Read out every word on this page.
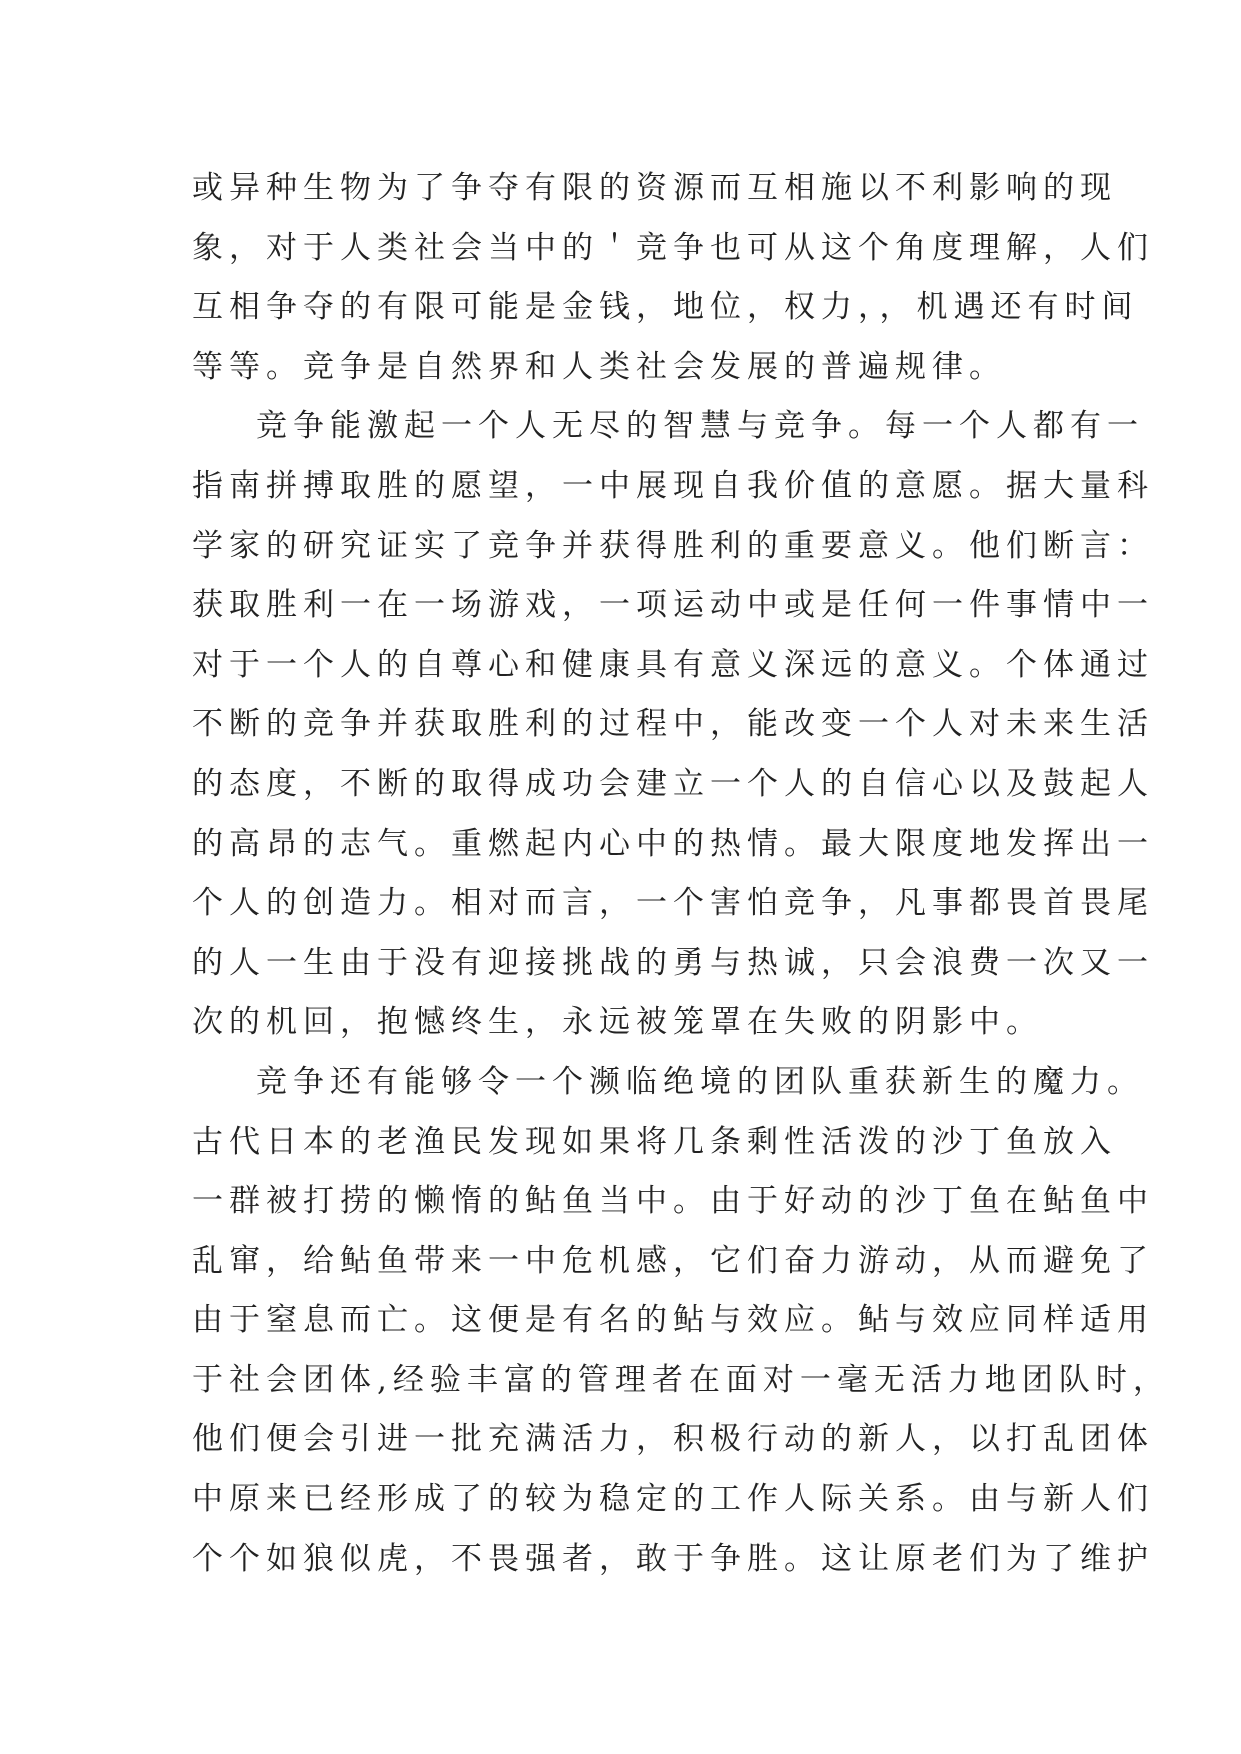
或异种生物为了争夺有限的资源而互相施以不利影响的现
象，对于人类社会当中的＇竞争也可从这个角度理解，人们
互相争夺的有限可能是金钱，地位，权力，，机遇还有时间
等等。竞争是自然界和人类社会发展的普遍规律。
竞争能激起一个人无尽的智慧与竞争。每一个人都有一
指南拼搏取胜的愿望，一中展现自我价值的意愿。据大量科
学家的研究证实了竞争并获得胜利的重要意义。他们断言：
获取胜利一在一场游戏，一项运动中或是任何一件事情中一
对于一个人的自尊心和健康具有意义深远的意义。个体通过
不断的竞争并获取胜利的过程中，能改变一个人对未来生活
的态度，不断的取得成功会建立一个人的自信心以及鼓起人
的高昂的志气。重燃起内心中的热情。最大限度地发挥出一
个人的创造力。相对而言，一个害怕竞争，凡事都畏首畏尾
的人一生由于没有迎接挑战的勇与热诚，只会浪费一次又一
次的机回，抱憾终生，永远被笼罩在失败的阴影中。
竞争还有能够令一个濒临绝境的团队重获新生的魔力。
古代日本的老渔民发现如果将几条剩性活泼的沙丁鱼放入
一群被打捞的懒惰的鲇鱼当中。由于好动的沙丁鱼在鲇鱼中
乱窜，给鲇鱼带来一中危机感，它们奋力游动，从而避免了
由于窒息而亡。这便是有名的鲇与效应。鲇与效应同样适用
于社会团体,经验丰富的管理者在面对一毫无活力地团队时，
他们便会引进一批充满活力，积极行动的新人，以打乱团体
中原来已经形成了的较为稳定的工作人际关系。由与新人们
个个如狼似虎，不畏强者，敢于争胜。这让原老们为了维护
